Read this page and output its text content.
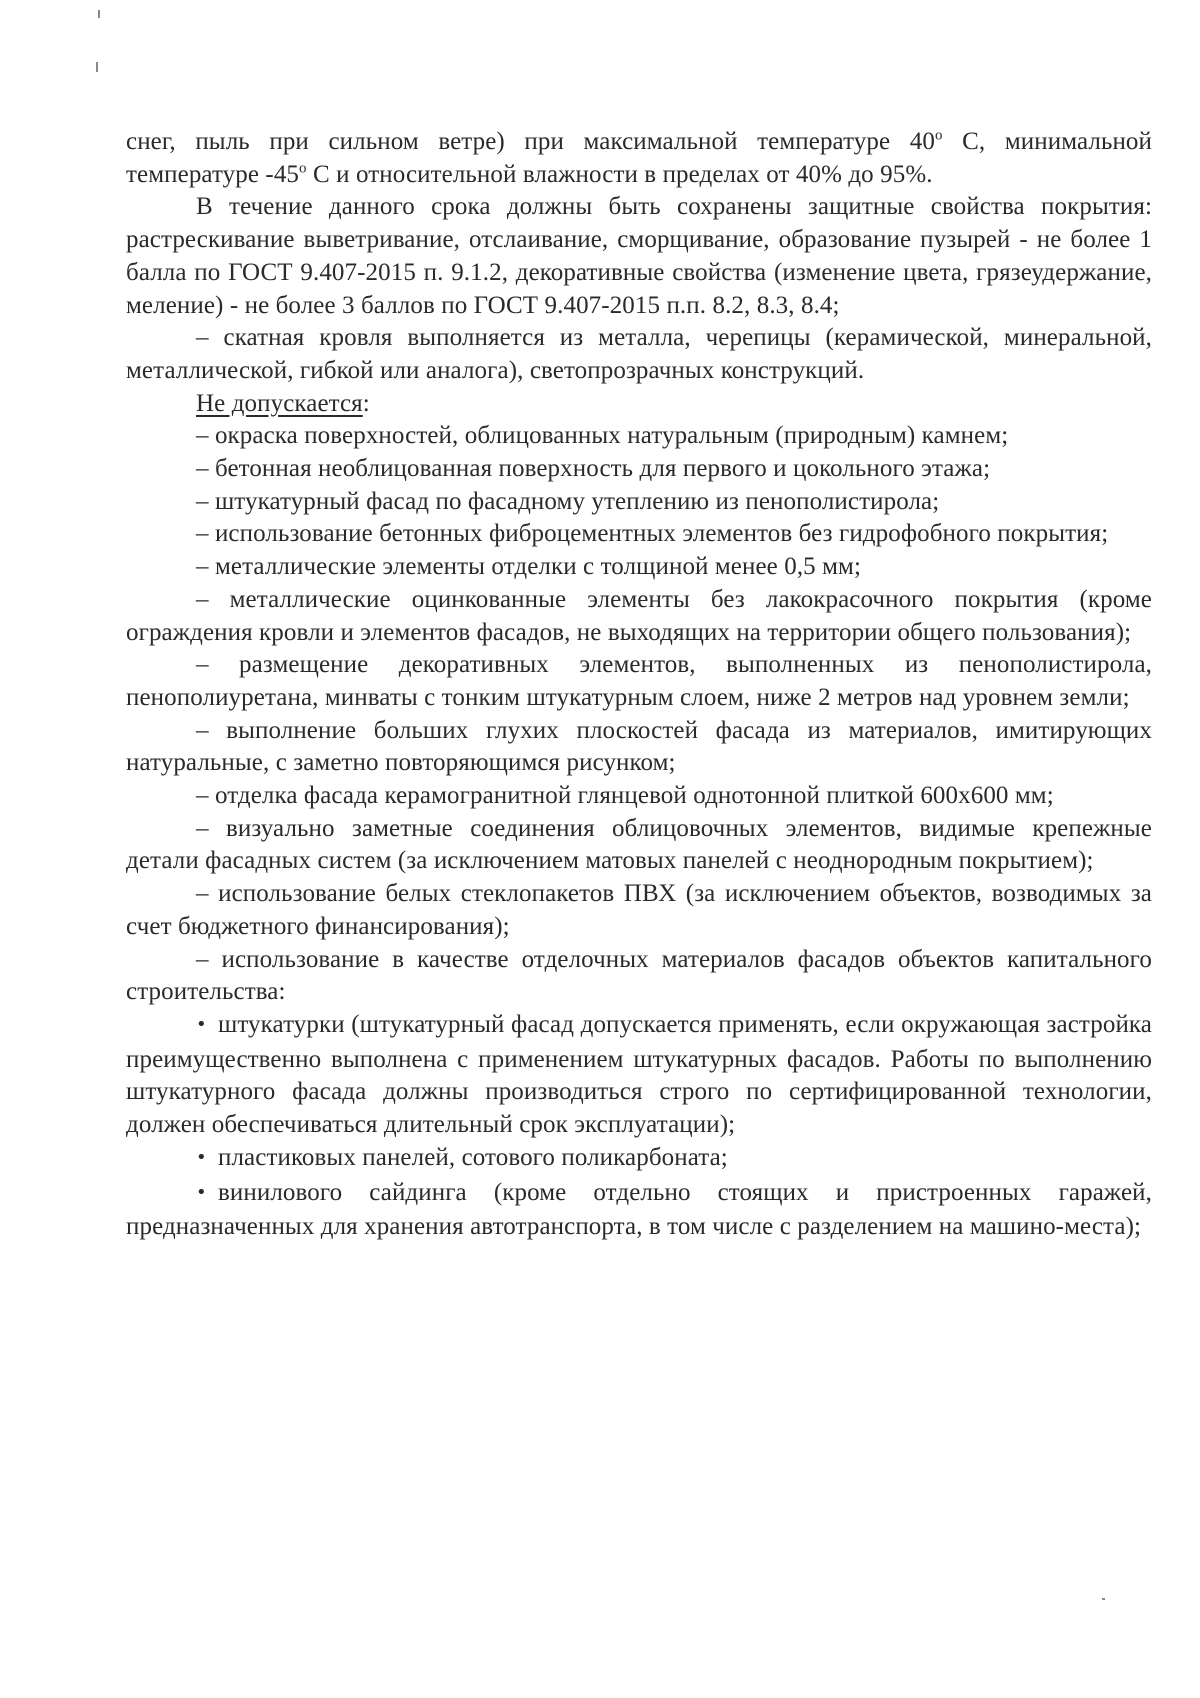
снег, пыль при сильном ветре) при максимальной температуре 40$^o$ С, минимальной температуре -45$^o$ С и относительной влажности в пределах от 40% до 95%.

В течение данного срока должны быть сохранены защитные свойства покрытия: растрескивание выветривание, отслаивание, сморщивание, образование пузырей - не более 1 балла по ГОСТ 9.407-2015 п. 9.1.2, декоративные свойства (изменение цвета, грязеудержание, меление) - не более 3 баллов по ГОСТ 9.407-2015 п.п. 8.2, 8.3, 8.4;

– скатная кровля выполняется из металла, черепицы (керамической, минеральной, металлической, гибкой или аналога), светопрозрачных конструкций.

Не допускается:

– окраска поверхностей, облицованных натуральным (природным) камнем;

– бетонная необлицованная поверхность для первого и цокольного этажа;

– штукатурный фасад по фасадному утеплению из пенополистирола;

– использование бетонных фиброцементных элементов без гидрофобного покрытия;

– металлические элементы отделки с толщиной менее 0,5 мм;

– металлические оцинкованные элементы без лакокрасочного покрытия (кроме ограждения кровли и элементов фасадов, не выходящих на территории общего пользования);

– размещение декоративных элементов, выполненных из пенополистирола, пенополиуретана, минваты с тонким штукатурным слоем, ниже 2 метров над уровнем земли;

– выполнение больших глухих плоскостей фасада из материалов, имитирующих натуральные, с заметно повторяющимся рисунком;

– отделка фасада керамогранитной глянцевой однотонной плиткой 600х600 мм;

– визуально заметные соединения облицовочных элементов, видимые крепежные детали фасадных систем (за исключением матовых панелей с неоднородным покрытием);

– использование белых стеклопакетов ПВХ (за исключением объектов, возводимых за счет бюджетного финансирования);

– использование в качестве отделочных материалов фасадов объектов капитального строительства:

•штукатурки (штукатурный фасад допускается применять, если окружающая застройка преимущественно выполнена с применением штукатурных фасадов. Работы по выполнению штукатурного фасада должны производиться строго по сертифицированной технологии, должен обеспечиваться длительный срок эксплуатации);

•пластиковых панелей, сотового поликарбоната;

•винилового сайдинга (кроме отдельно стоящих и пристроенных гаражей, предназначенных для хранения автотранспорта, в том числе с разделением на машино-места);
